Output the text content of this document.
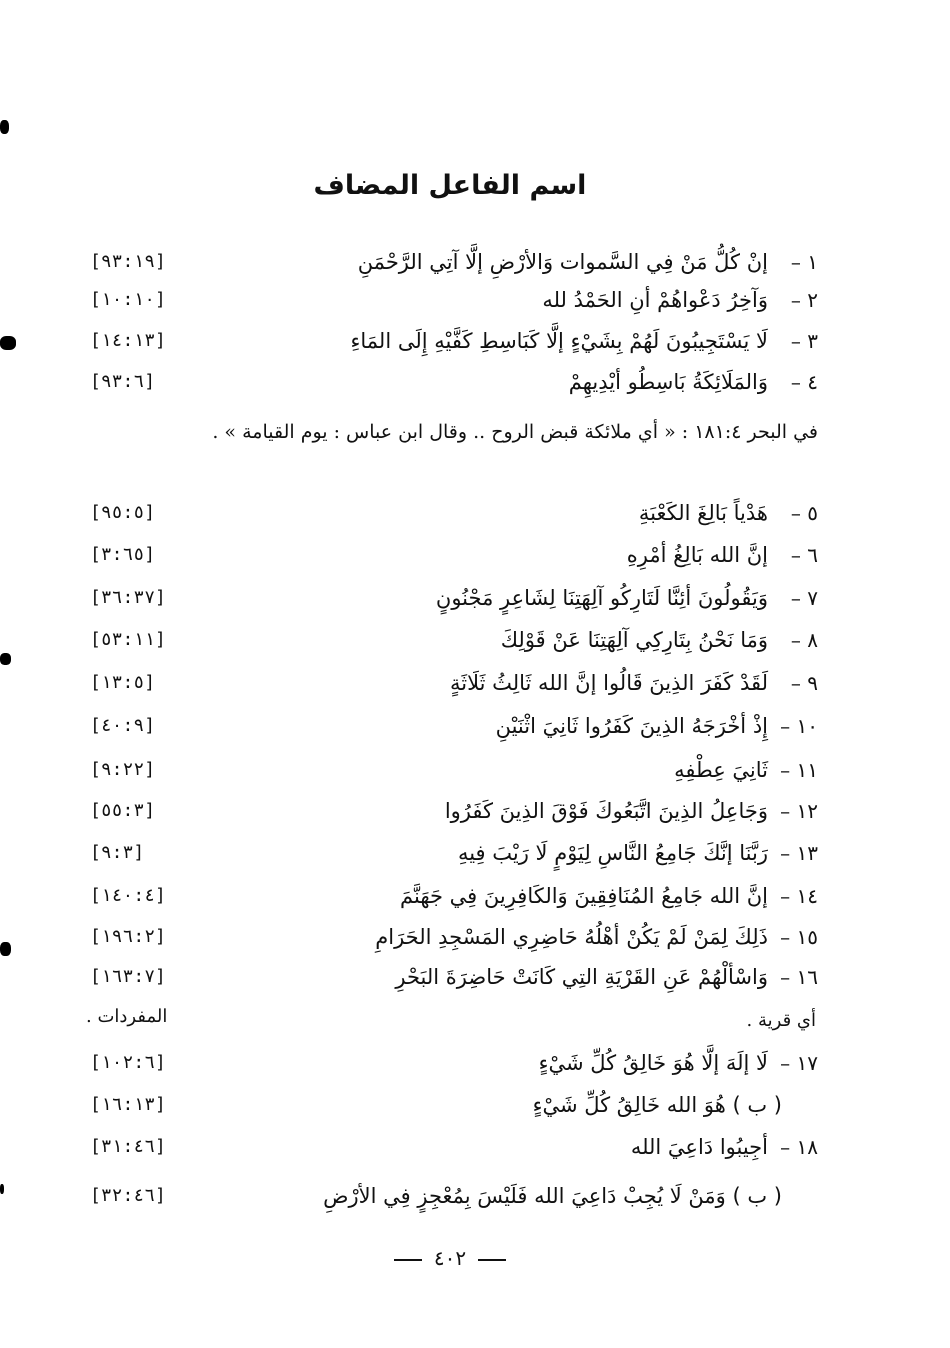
اسم الفاعل المضاف
١ –
إنْ كُلُّ مَنْ فِي السَّموات وَالأرْضِ إلَّا آتِي الرَّحْمَنِ
[٩٣:١٩]
٢ –
وَآخِرُ دَعْواهُمْ أنِ الحَمْدُ لله
[١٠:١٠]
٣ –
لَا يَسْتَجِيبُونَ لَهُمْ بِشَيْءٍ إلَّا كَبَاسِطِ كَفَّيْهِ إِلَى المَاءِ
[١٤:١٣]
٤ –
وَالمَلَائِكَةُ بَاسِطُو أيْدِيهِمْ
[٩٣:٦]
في البحر ١٨١:٤ : « أي ملائكة قبض الروح .. وقال ابن عباس : يوم القيامة » .
٥ –
هَدْياً بَالِغَ الكَعْبَةِ
[٩٥:٥]
٦ –
إنَّ الله بَالِغُ أمْرِهِ
[٣:٦٥]
٧ –
وَيَقُولُونَ أئِنَّا لَتَارِكُو آلِهَتِنَا لِشَاعِرٍ مَجْنُونٍ
[٣٦:٣٧]
٨ –
وَمَا نَحْنُ بِتَارِكِي آلِهَتِنَا عَنْ قَوْلِكَ
[٥٣:١١]
٩ –
لَقَدْ كَفَرَ الذِينَ قَالُوا إنَّ الله ثَالِثُ ثَلَاثَةٍ
[١٣:٥]
١٠ –
إِذْ أخْرَجَهُ الذِينَ كَفَرُوا ثَانِيَ اثْنَيْنِ
[٤٠:٩]
١١ –
ثَانِيَ عِطْفِهِ
[٩:٢٢]
١٢ –
وَجَاعِلُ الذِينَ اتَّبَعُوكَ فَوْقَ الذِينَ كَفَرُوا
[٥٥:٣]
١٣ –
رَبَّنَا إنَّكَ جَامِعُ النَّاسِ لِيَوْمٍ لَا رَيْبَ فِيهِ
[٩:٣]
١٤ –
إنَّ الله جَامِعُ المُنَافِقِينَ وَالكَافِرِينَ فِي جَهَنَّمَ
[١٤٠:٤]
١٥ –
ذَلِكَ لِمَنْ لَمْ يَكُنْ أهْلُهُ حَاضِرِي المَسْجِدِ الحَرَامِ
[١٩٦:٢]
١٦ –
وَاسْألْهُمْ عَنِ القَرْيَةِ التِي كَانَتْ حَاضِرَةَ البَحْرِ
[١٦٣:٧]
أي قرية .
المفردات .
١٧ –
لَا إلَهَ إلَّا هُوَ خَالِقُ كُلِّ شَيْءٍ
[١٠٢:٦]
( ب ) هُوَ الله خَالِقُ كُلِّ شَيْءٍ
[١٦:١٣]
١٨ –
أجِيبُوا دَاعِيَ الله
[٣١:٤٦]
( ب ) وَمَنْ لَا يُجِبْ دَاعِيَ الله فَلَيْسَ بِمُعْجِزٍ فِي الأرْضِ
[٣٢:٤٦]
٤٠٢
